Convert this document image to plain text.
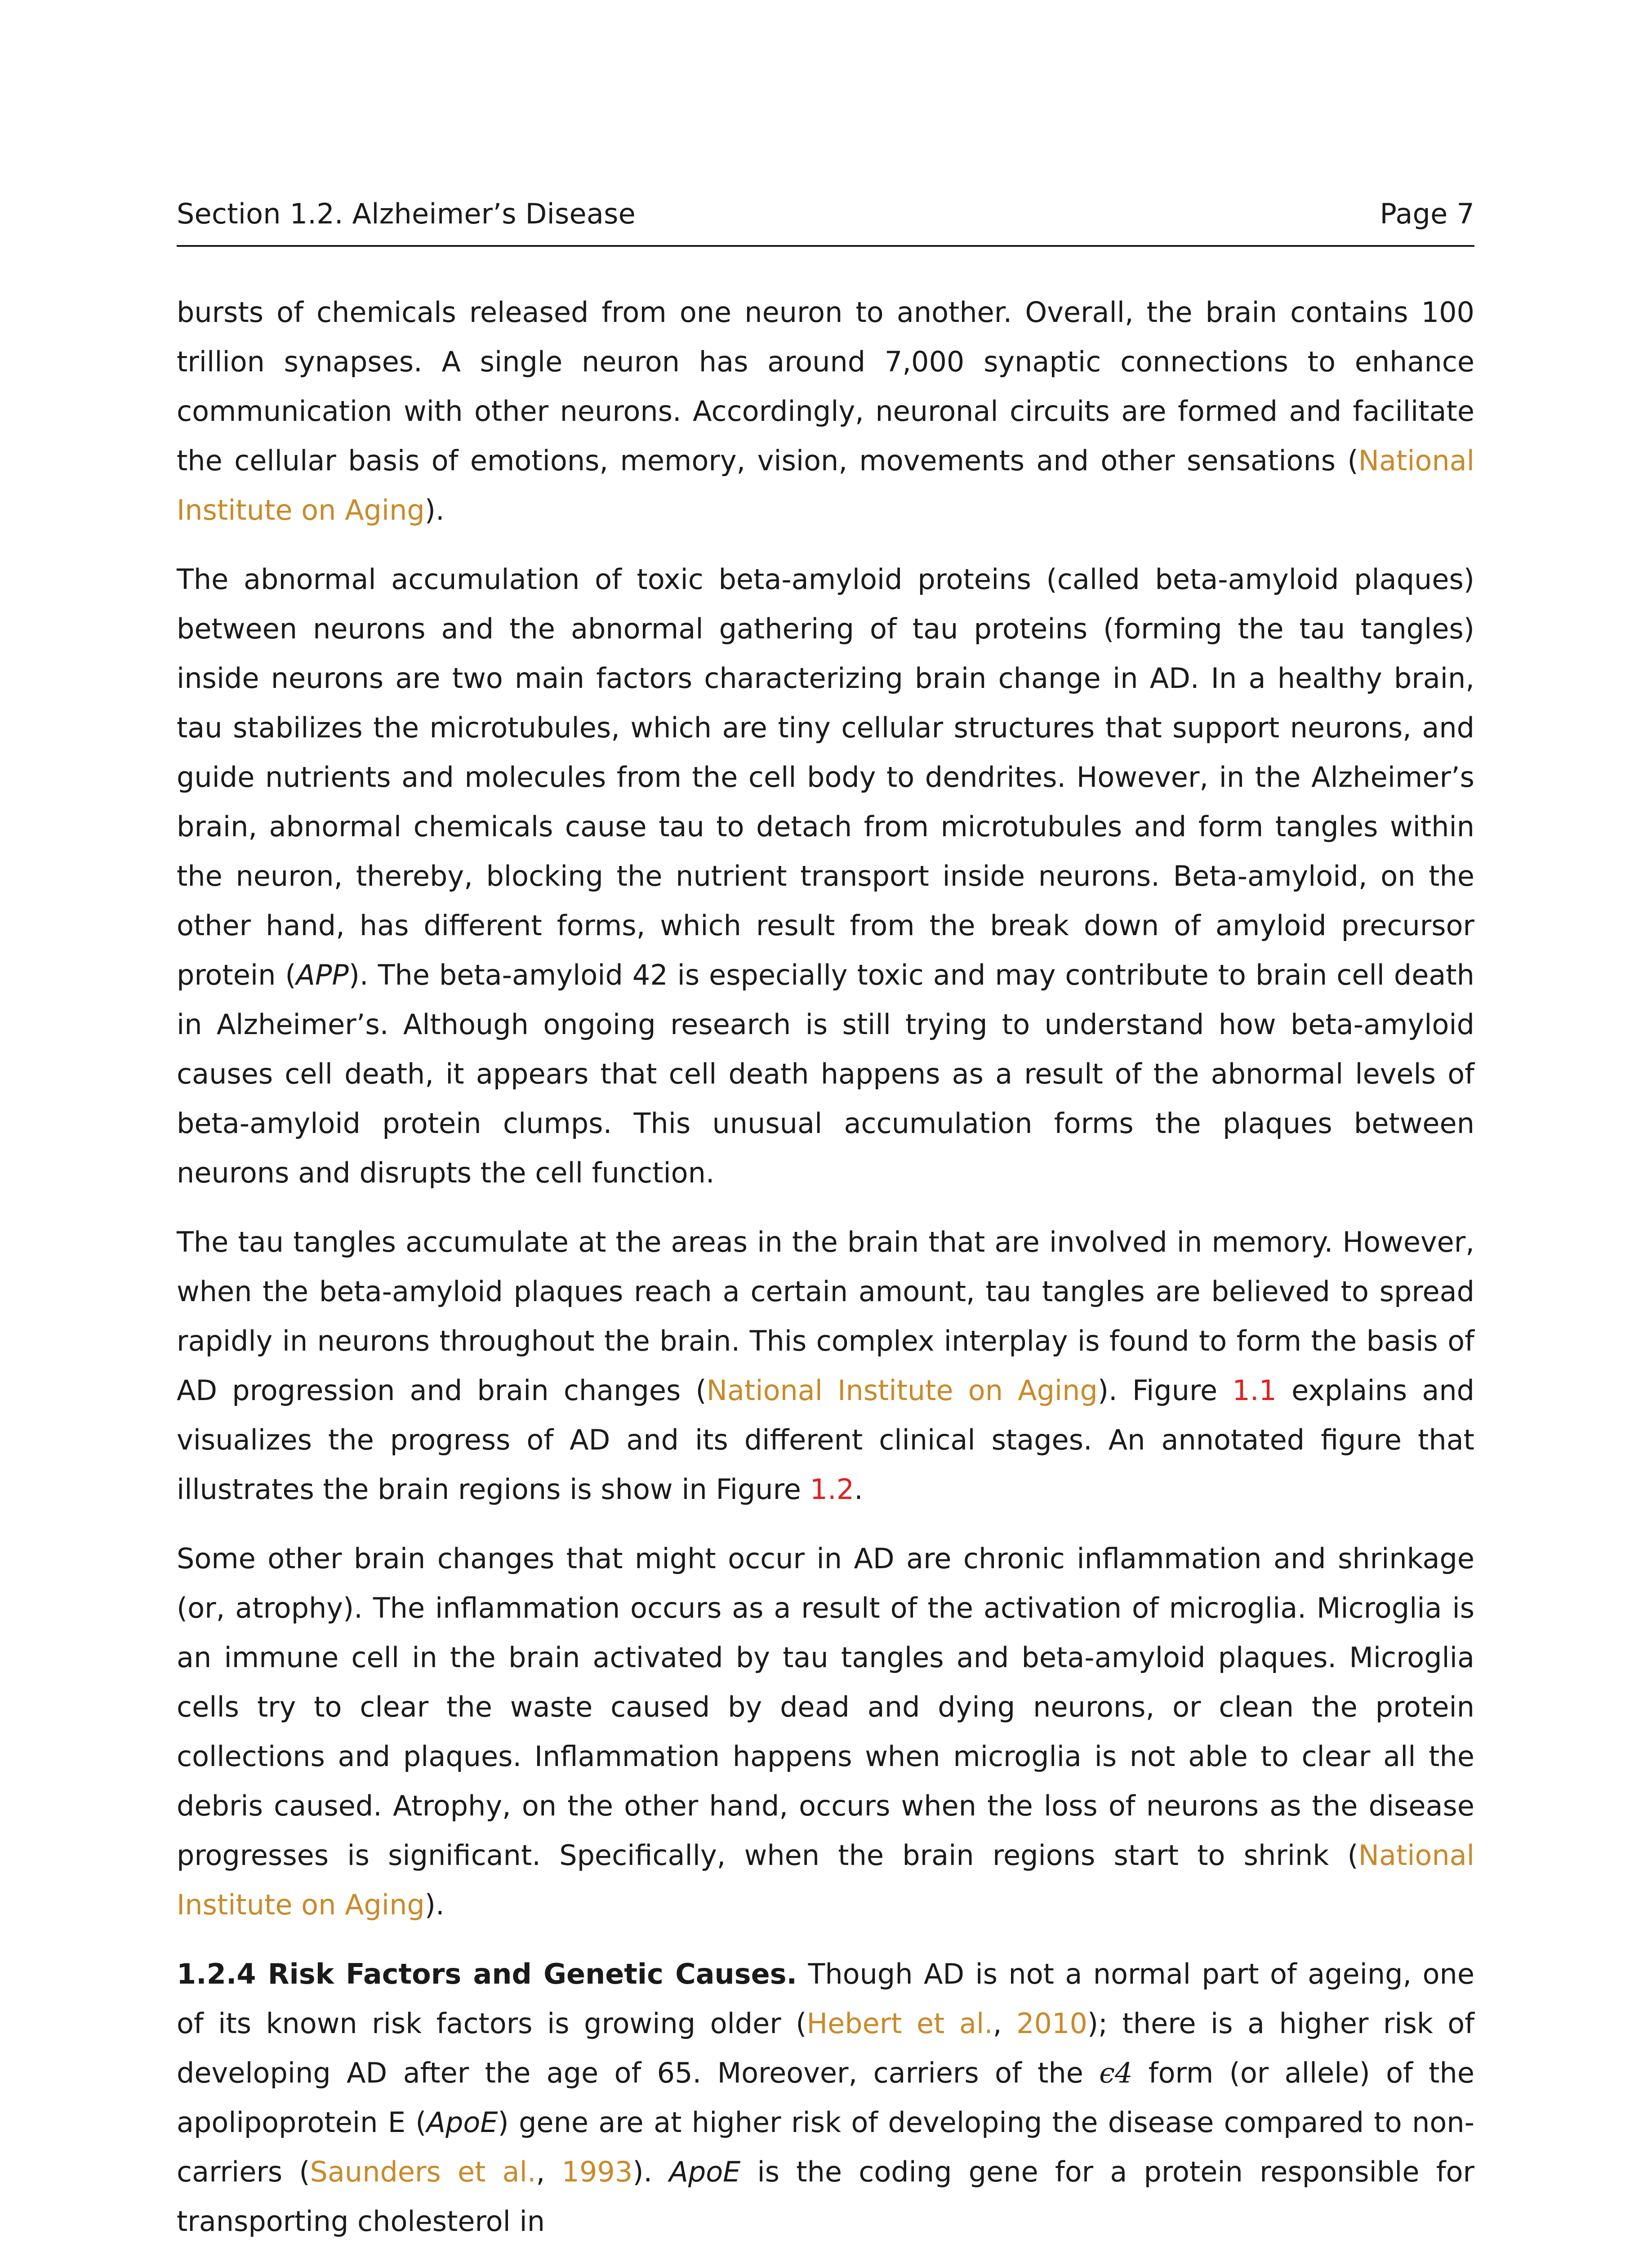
Section 1.2. Alzheimer’s Disease	Page 7

bursts of chemicals released from one neuron to another. Overall, the brain contains 100 trillion synapses. A single neuron has around 7,000 synaptic connections to enhance communication with other neurons. Accordingly, neuronal circuits are formed and facilitate the cellular basis of emotions, memory, vision, movements and other sensations (National Institute on Aging).

The abnormal accumulation of toxic beta-amyloid proteins (called beta-amyloid plaques) between neurons and the abnormal gathering of tau proteins (forming the tau tangles) inside neurons are two main factors characterizing brain change in AD. In a healthy brain, tau stabilizes the microtubules, which are tiny cellular structures that support neurons, and guide nutrients and molecules from the cell body to dendrites. However, in the Alzheimer’s brain, abnormal chemicals cause tau to detach from microtubules and form tangles within the neuron, thereby, blocking the nutrient transport inside neurons. Beta-amyloid, on the other hand, has different forms, which result from the break down of amyloid precursor protein (APP). The beta-amyloid 42 is especially toxic and may contribute to brain cell death in Alzheimer’s. Although ongoing research is still trying to understand how beta-amyloid causes cell death, it appears that cell death happens as a result of the abnormal levels of beta-amyloid protein clumps. This unusual accumulation forms the plaques between neurons and disrupts the cell function.

The tau tangles accumulate at the areas in the brain that are involved in memory. However, when the beta-amyloid plaques reach a certain amount, tau tangles are believed to spread rapidly in neurons throughout the brain. This complex interplay is found to form the basis of AD progression and brain changes (National Institute on Aging). Figure 1.1 explains and visualizes the progress of AD and its different clinical stages. An annotated figure that illustrates the brain regions is show in Figure 1.2.

Some other brain changes that might occur in AD are chronic inflammation and shrinkage (or, atrophy). The inflammation occurs as a result of the activation of microglia. Microglia is an immune cell in the brain activated by tau tangles and beta-amyloid plaques. Microglia cells try to clear the waste caused by dead and dying neurons, or clean the protein collections and plaques. Inflammation happens when microglia is not able to clear all the debris caused. Atrophy, on the other hand, occurs when the loss of neurons as the disease progresses is significant. Specifically, when the brain regions start to shrink (National Institute on Aging).

1.2.4 Risk Factors and Genetic Causes. Though AD is not a normal part of ageing, one of its known risk factors is growing older (Hebert et al., 2010); there is a higher risk of developing AD after the age of 65. Moreover, carriers of the ϵ4 form (or allele) of the apolipoprotein E (ApoE) gene are at higher risk of developing the disease compared to non-carriers (Saunders et al., 1993). ApoE is the coding gene for a protein responsible for transporting cholesterol in
